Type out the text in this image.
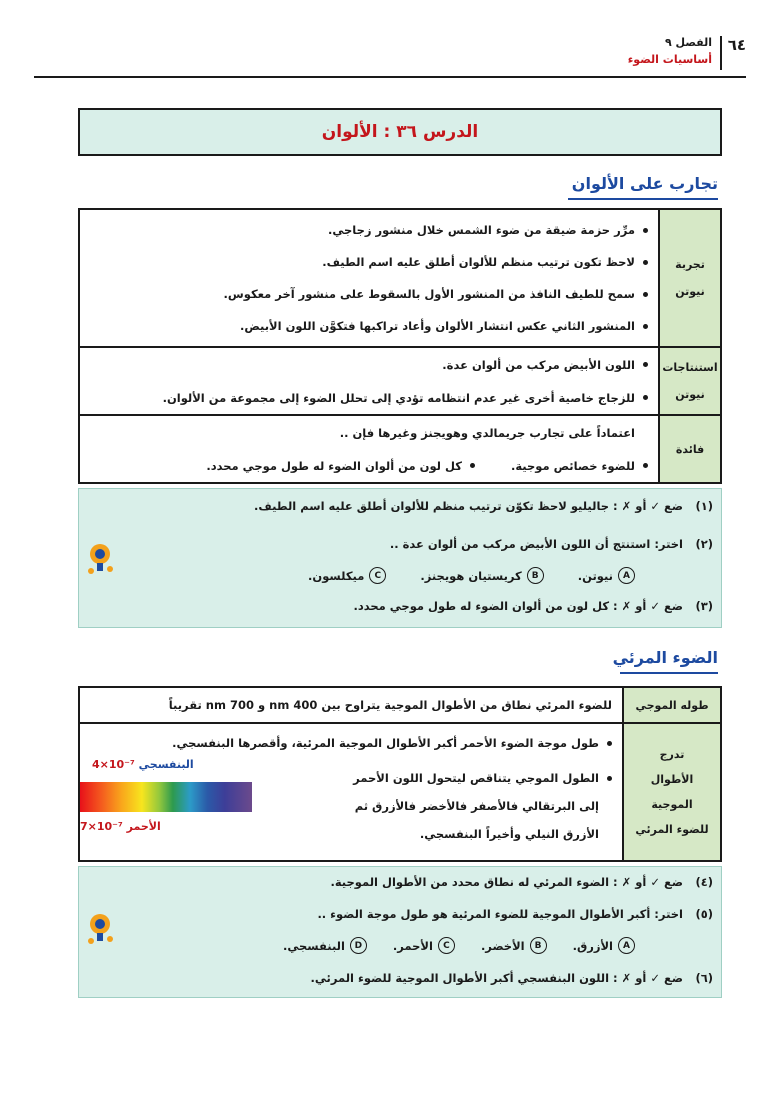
٦٤
الفصل ٩
أساسيات الضوء
الدرس ٣٦ : الألوان
تجارب على الألوان
تجربة
نيوتن
مرِّر حزمة ضيقة من ضوء الشمس خلال منشور زجاجي.
لاحظ تكون ترتيب منظم للألوان أطلق عليه اسم الطيف.
سمح للطيف النافذ من المنشور الأول بالسقوط على منشور آخر معكوس.
المنشور الثاني عكس انتشار الألوان وأعاد تراكبها فتكوَّن اللون الأبيض.
استنتاجات
نيوتن
اللون الأبيض مركب من ألوان عدة.
للزجاج خاصية أخرى غير عدم انتظامه تؤدي إلى تحلل الضوء إلى مجموعة من الألوان.
فائدة
اعتماداً على تجارب جريمالدي وهويجنز وغيرها فإن ..
للضوء خصائص موجية.
كل لون من ألوان الضوء له طول موجي محدد.
(١)
ضع ✓ أو ✗ : جاليليو لاحظ تكوّن ترتيب منظم للألوان أطلق عليه اسم الطيف.
(٢)
اختر: استنتج أن اللون الأبيض مركب من ألوان عدة ..
A
نيوتن.
B
كريستيان هويجنز.
C
ميكلسون.
(٣)
ضع ✓ أو ✗ : كل لون من ألوان الضوء له طول موجي محدد.
الضوء المرئي
طوله الموجي
للضوء المرئي نطاق من الأطوال الموجية يتراوح بين 400 nm و 700 nm تقريباً
تدرج
الأطوال
الموجية
للضوء المرئي
طول موجة الضوء الأحمر أكبر الأطوال الموجية المرئية، وأقصرها البنفسجي.
الطول الموجي يتناقص ليتحول اللون الأحمر إلى البرتقالي فالأصفر فالأخضر فالأزرق ثم الأزرق النيلي وأخيراً البنفسجي.
4×10⁻⁷ البنفسجي
7×10⁻⁷ الأحمر
(٤)
ضع ✓ أو ✗ : الضوء المرئي له نطاق محدد من الأطوال الموجية.
(٥)
اختر: أكبر الأطوال الموجية للضوء المرئية هو طول موجة الضوء ..
A
الأزرق.
B
الأخضر.
C
الأحمر.
D
البنفسجي.
(٦)
ضع ✓ أو ✗ : اللون البنفسجي أكبر الأطوال الموجية للضوء المرئي.
